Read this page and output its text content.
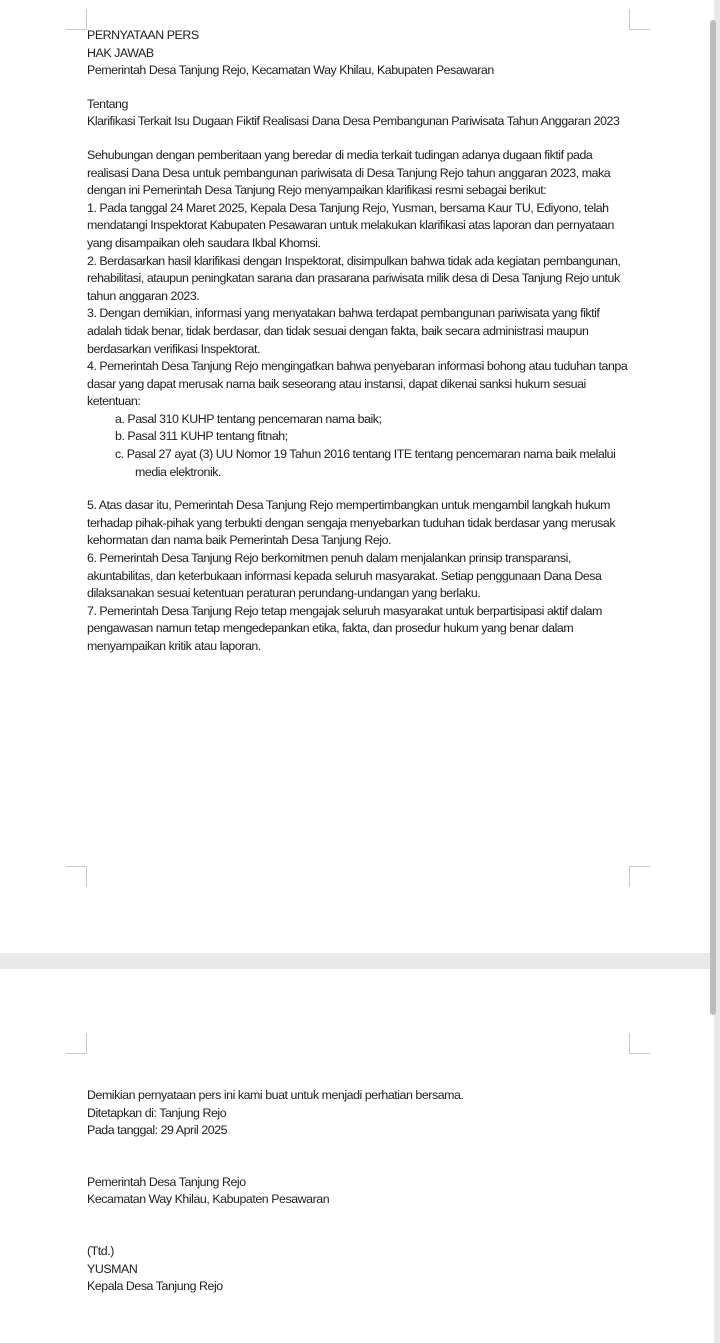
PERNYATAAN PERS

HAK JAWAB

Pemerintah Desa Tanjung Rejo, Kecamatan Way Khilau, Kabupaten Pesawaran

Tentang

Klarifikasi Terkait Isu Dugaan Fiktif Realisasi Dana Desa Pembangunan Pariwisata Tahun Anggaran 2023

Sehubungan dengan pemberitaan yang beredar di media terkait tudingan adanya dugaan fiktif pada realisasi Dana Desa untuk pembangunan pariwisata di Desa Tanjung Rejo tahun anggaran 2023, maka dengan ini Pemerintah Desa Tanjung Rejo menyampaikan klarifikasi resmi sebagai berikut:

1. Pada tanggal 24 Maret 2025, Kepala Desa Tanjung Rejo, Yusman, bersama Kaur TU, Ediyono, telah mendatangi Inspektorat Kabupaten Pesawaran untuk melakukan klarifikasi atas laporan dan pernyataan yang disampaikan oleh saudara Ikbal Khomsi.

2. Berdasarkan hasil klarifikasi dengan Inspektorat, disimpulkan bahwa tidak ada kegiatan pembangunan, rehabilitasi, ataupun peningkatan sarana dan prasarana pariwisata milik desa di Desa Tanjung Rejo untuk tahun anggaran 2023.

3. Dengan demikian, informasi yang menyatakan bahwa terdapat pembangunan pariwisata yang fiktif adalah tidak benar, tidak berdasar, dan tidak sesuai dengan fakta, baik secara administrasi maupun berdasarkan verifikasi Inspektorat.

4. Pemerintah Desa Tanjung Rejo mengingatkan bahwa penyebaran informasi bohong atau tuduhan tanpa dasar yang dapat merusak nama baik seseorang atau instansi, dapat dikenai sanksi hukum sesuai ketentuan:

a. Pasal 310 KUHP tentang pencemaran nama baik;
b. Pasal 311 KUHP tentang fitnah;
c. Pasal 27 ayat (3) UU Nomor 19 Tahun 2016 tentang ITE tentang pencemaran nama baik melalui media elektronik.

5. Atas dasar itu, Pemerintah Desa Tanjung Rejo mempertimbangkan untuk mengambil langkah hukum terhadap pihak-pihak yang terbukti dengan sengaja menyebarkan tuduhan tidak berdasar yang merusak kehormatan dan nama baik Pemerintah Desa Tanjung Rejo.

6. Pemerintah Desa Tanjung Rejo berkomitmen penuh dalam menjalankan prinsip transparansi, akuntabilitas, dan keterbukaan informasi kepada seluruh masyarakat. Setiap penggunaan Dana Desa dilaksanakan sesuai ketentuan peraturan perundang-undangan yang berlaku.

7. Pemerintah Desa Tanjung Rejo tetap mengajak seluruh masyarakat untuk berpartisipasi aktif dalam pengawasan namun tetap mengedepankan etika, fakta, dan prosedur hukum yang benar dalam menyampaikan kritik atau laporan.

Demikian pernyataan pers ini kami buat untuk menjadi perhatian bersama.

Ditetapkan di: Tanjung Rejo

Pada tanggal: 29 April 2025

Pemerintah Desa Tanjung Rejo

Kecamatan Way Khilau, Kabupaten Pesawaran

(Ttd.)

YUSMAN

Kepala Desa Tanjung Rejo
